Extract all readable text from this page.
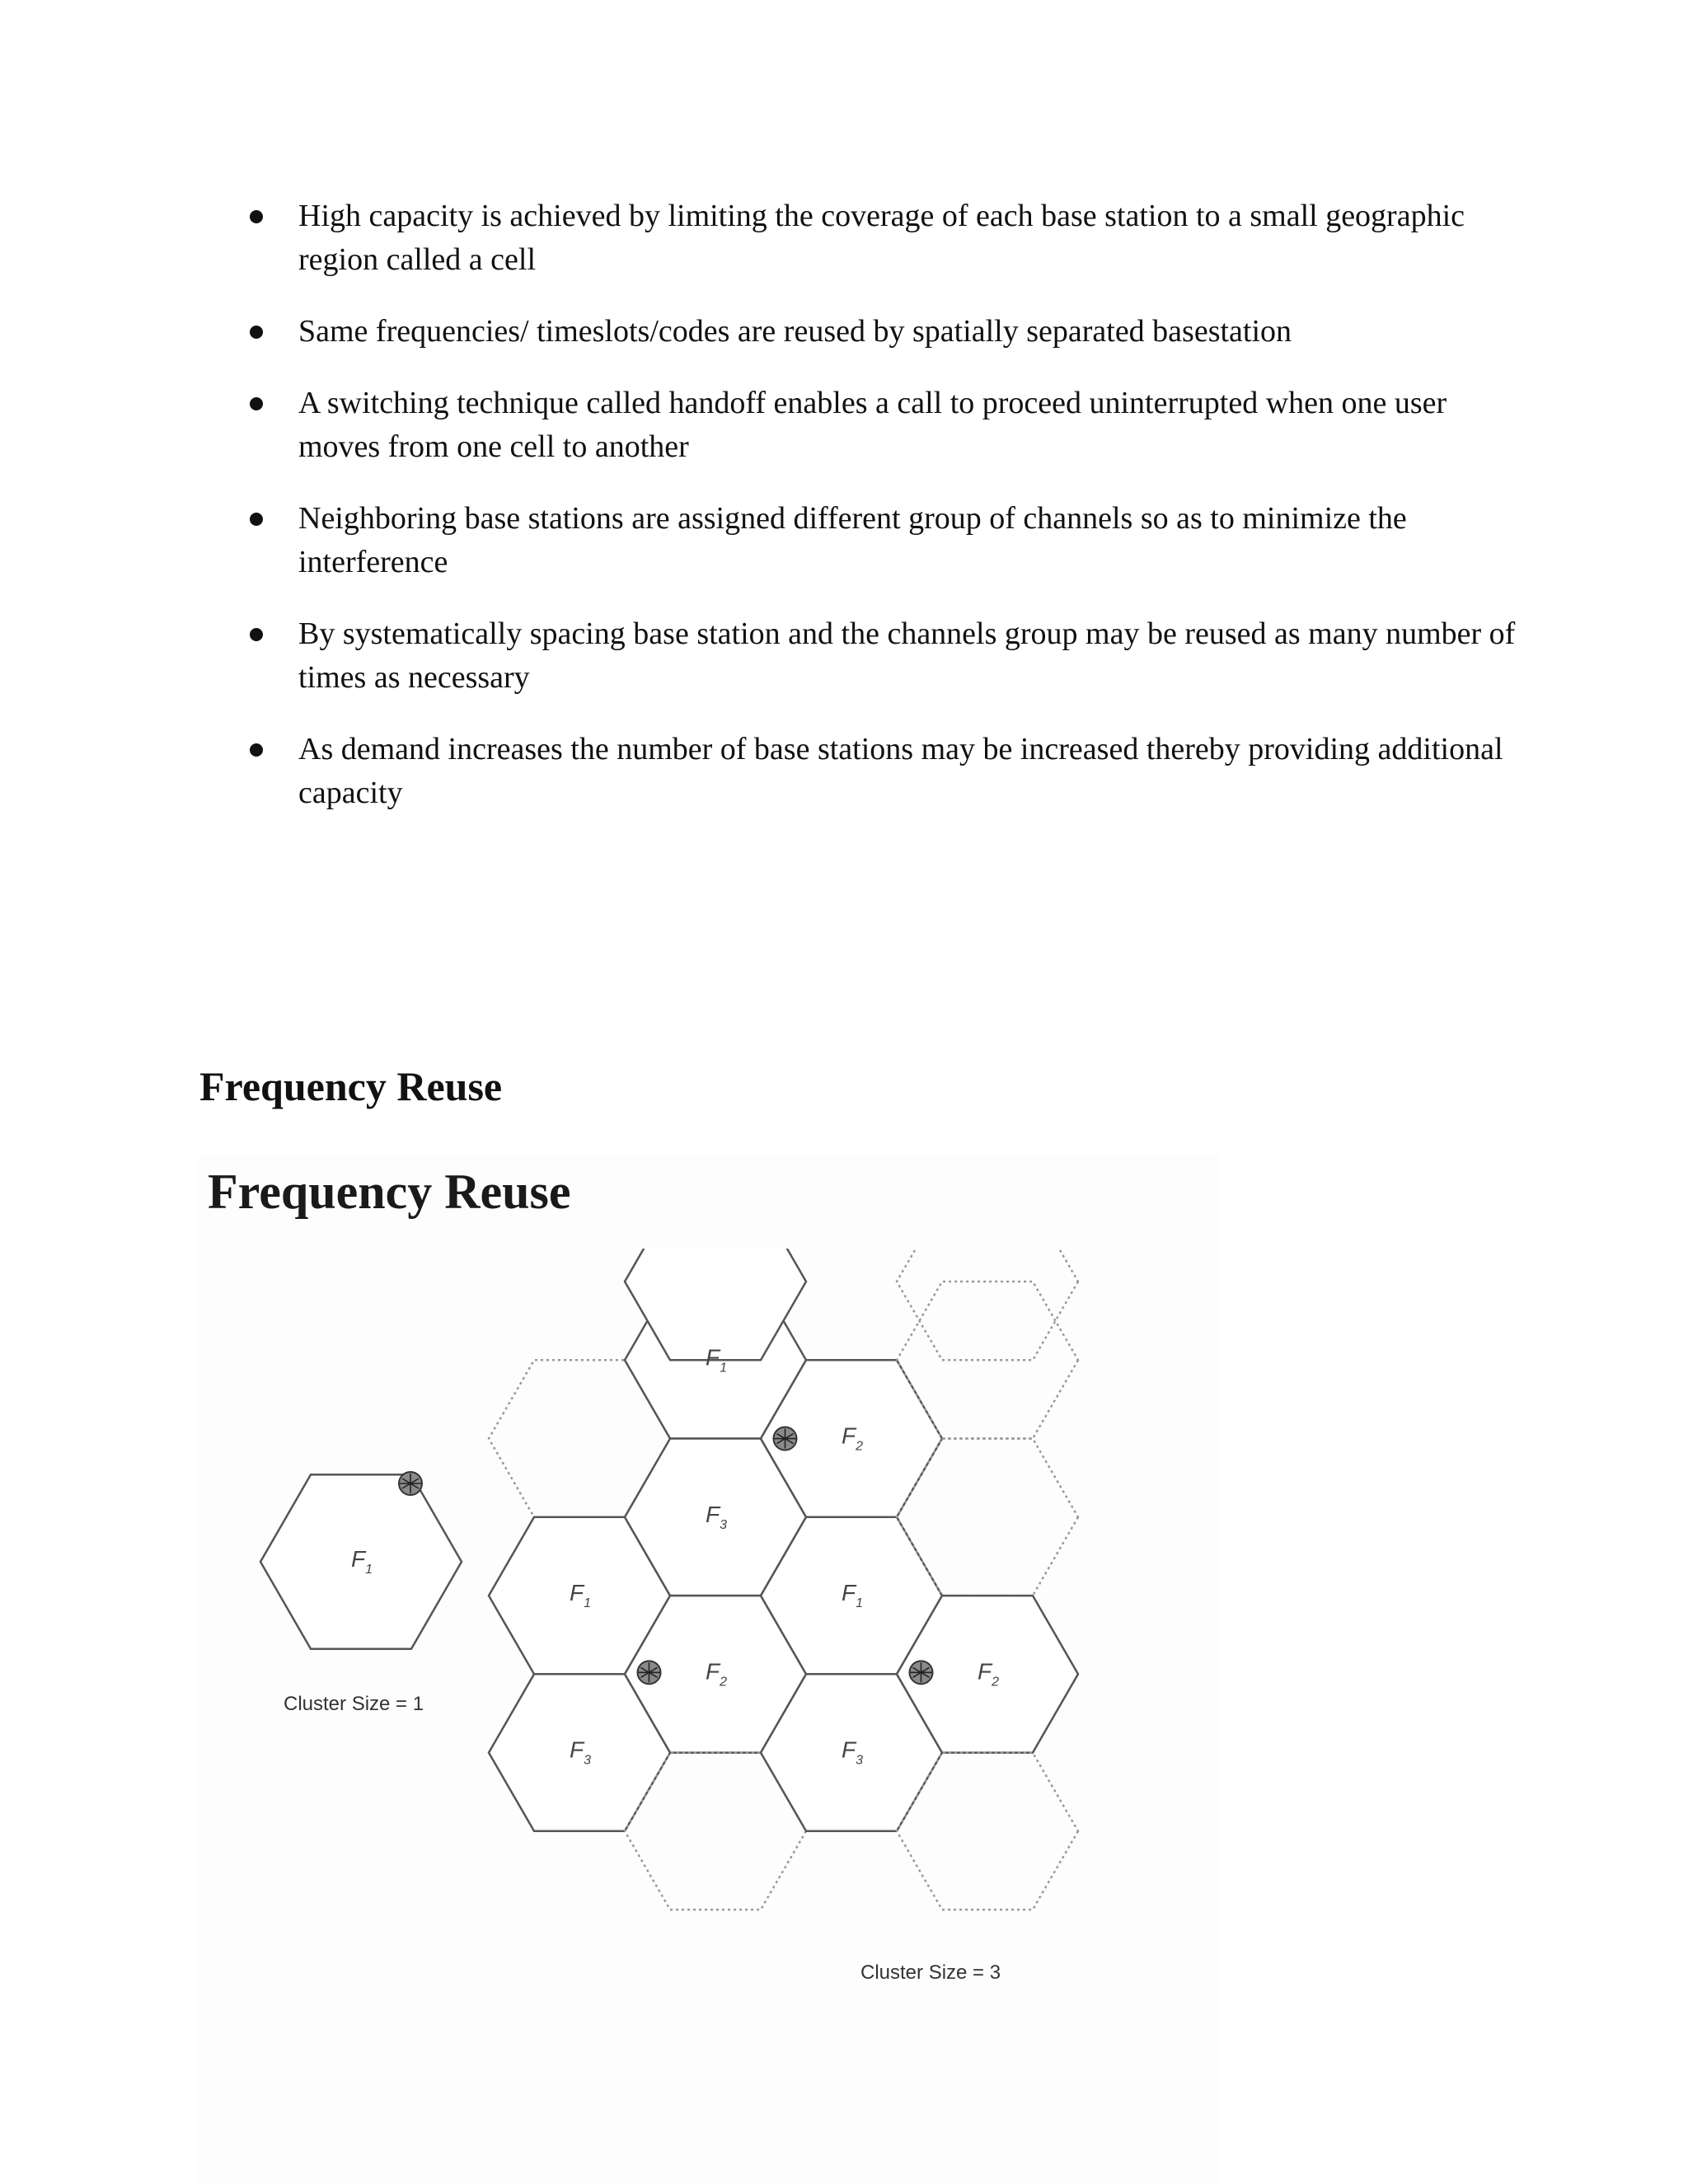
High capacity is achieved by limiting the coverage of each base station to a small geographic region called a cell
Same frequencies/ timeslots/codes are reused by spatially separated basestation
A switching technique called handoff enables a call to proceed uninterrupted when one user moves from one cell to another
Neighboring base stations are assigned different group of channels so as to minimize the interference
By systematically spacing base station and the channels group may be reused as many number of times as necessary
As demand increases the number of base stations may be increased thereby providing additional capacity
Frequency Reuse
Frequency Reuse
$F_1$
$F_1$
$F_2$
$F_3$
$F_1$	$F_1$
$F_2$	$F_2$
$F_3$	$F_3$
Cluster Size = 1
Cluster Size = 3
